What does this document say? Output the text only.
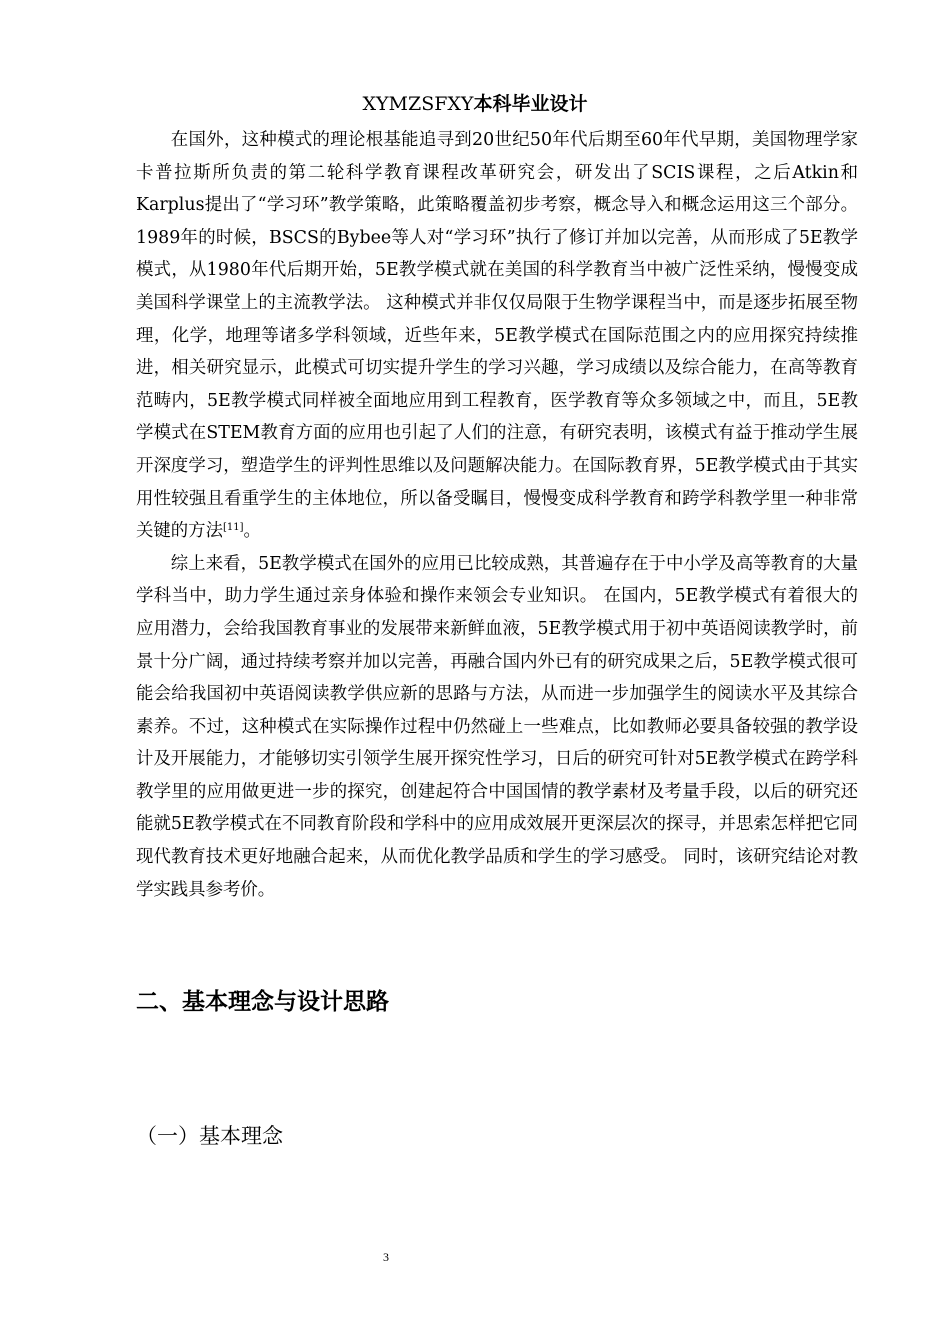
XYMZSFXY本科毕业设计

在国外，这种模式的理论根基能追寻到20世纪50年代后期至60年代早期，美国物理学家卡普拉斯所负责的第二轮科学教育课程改革研究会，研发出了SCIS课程，之后Atkin和Karplus提出了“学习环”教学策略，此策略覆盖初步考察，概念导入和概念运用这三个部分。1989年的时候，BSCS的Bybee等人对“学习环”执行了修订并加以完善，从而形成了5E教学模式，从1980年代后期开始，5E教学模式就在美国的科学教育当中被广泛性采纳，慢慢变成美国科学课堂上的主流教学法。 这种模式并非仅仅局限于生物学课程当中，而是逐步拓展至物理，化学，地理等诸多学科领域，近些年来，5E教学模式在国际范围之内的应用探究持续推进，相关研究显示，此模式可切实提升学生的学习兴趣，学习成绩以及综合能力，在高等教育范畴内，5E教学模式同样被全面地应用到工程教育，医学教育等众多领域之中，而且，5E教学模式在STEM教育方面的应用也引起了人们的注意，有研究表明，该模式有益于推动学生展开深度学习，塑造学生的评判性思维以及问题解决能力。在国际教育界，5E教学模式由于其实用性较强且看重学生的主体地位，所以备受瞩目，慢慢变成科学教育和跨学科教学里一种非常关键的方法[11]。

综上来看，5E教学模式在国外的应用已比较成熟，其普遍存在于中小学及高等教育的大量学科当中，助力学生通过亲身体验和操作来领会专业知识。 在国内，5E教学模式有着很大的应用潜力，会给我国教育事业的发展带来新鲜血液，5E教学模式用于初中英语阅读教学时，前景十分广阔，通过持续考察并加以完善，再融合国内外已有的研究成果之后，5E教学模式很可能会给我国初中英语阅读教学供应新的思路与方法，从而进一步加强学生的阅读水平及其综合素养。不过，这种模式在实际操作过程中仍然碰上一些难点，比如教师必要具备较强的教学设计及开展能力，才能够切实引领学生展开探究性学习，日后的研究可针对5E教学模式在跨学科教学里的应用做更进一步的探究，创建起符合中国国情的教学素材及考量手段，以后的研究还能就5E教学模式在不同教育阶段和学科中的应用成效展开更深层次的探寻，并思索怎样把它同现代教育技术更好地融合起来，从而优化教学品质和学生的学习感受。 同时，该研究结论对教学实践具参考价。

二、基本理念与设计思路
（一）基本理念
3
